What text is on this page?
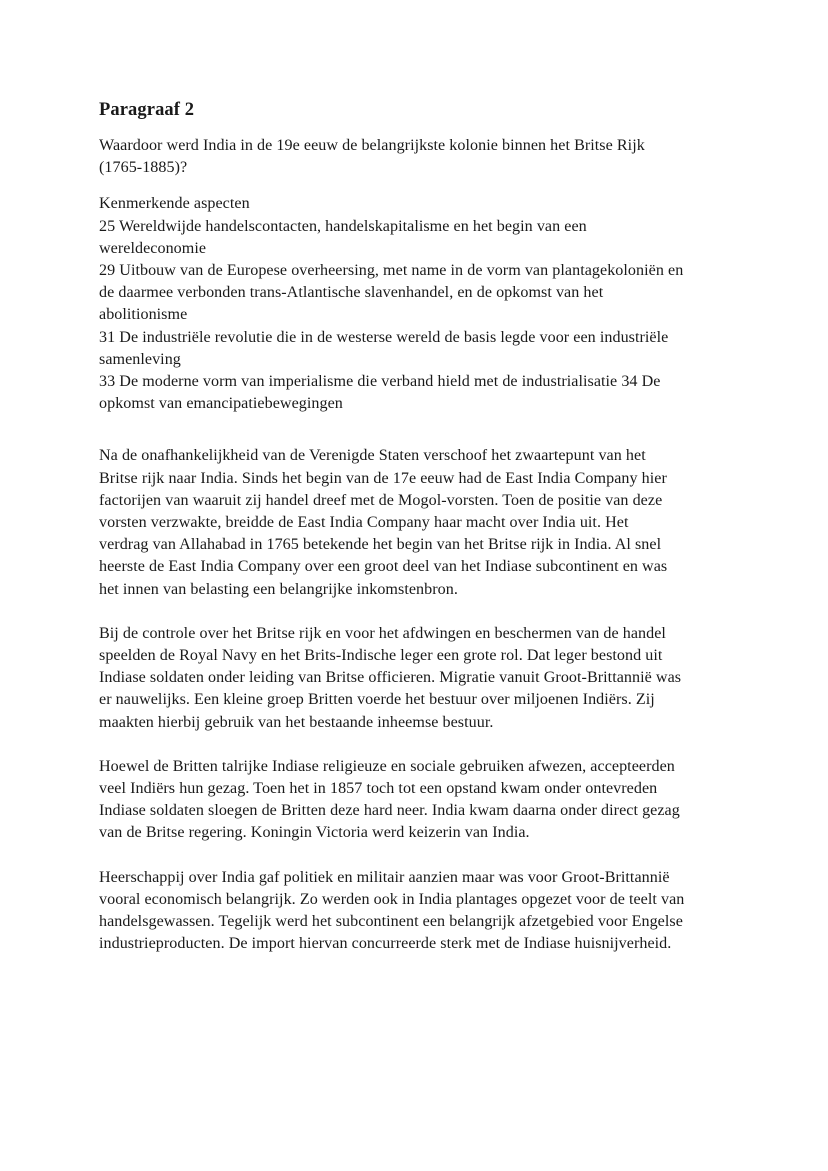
Paragraaf 2

Waardoor werd India in de 19e eeuw de belangrijkste kolonie binnen het Britse Rijk
(1765-1885)?

Kenmerkende aspecten
25 Wereldwijde handelscontacten, handelskapitalisme en het begin van een
wereldeconomie
29 Uitbouw van de Europese overheersing, met name in de vorm van plantagekoloniën en
de daarmee verbonden trans-Atlantische slavenhandel, en de opkomst van het
abolitionisme
31 De industriële revolutie die in de westerse wereld de basis legde voor een industriële
samenleving
33 De moderne vorm van imperialisme die verband hield met de industrialisatie 34 De
opkomst van emancipatiebewegingen

Na de onafhankelijkheid van de Verenigde Staten verschoof het zwaartepunt van het
Britse rijk naar India. Sinds het begin van de 17e eeuw had de East India Company hier
factorijen van waaruit zij handel dreef met de Mogol-vorsten. Toen de positie van deze
vorsten verzwakte, breidde de East India Company haar macht over India uit. Het
verdrag van Allahabad in 1765 betekende het begin van het Britse rijk in India. Al snel
heerste de East India Company over een groot deel van het Indiase subcontinent en was
het innen van belasting een belangrijke inkomstenbron.

Bij de controle over het Britse rijk en voor het afdwingen en beschermen van de handel
speelden de Royal Navy en het Brits-Indische leger een grote rol. Dat leger bestond uit
Indiase soldaten onder leiding van Britse officieren. Migratie vanuit Groot-Brittannië was
er nauwelijks. Een kleine groep Britten voerde het bestuur over miljoenen Indiërs. Zij
maakten hierbij gebruik van het bestaande inheemse bestuur.

Hoewel de Britten talrijke Indiase religieuze en sociale gebruiken afwezen, accepteerden
veel Indiërs hun gezag. Toen het in 1857 toch tot een opstand kwam onder ontevreden
Indiase soldaten sloegen de Britten deze hard neer. India kwam daarna onder direct gezag
van de Britse regering. Koningin Victoria werd keizerin van India.

Heerschappij over India gaf politiek en militair aanzien maar was voor Groot-Brittannië
vooral economisch belangrijk. Zo werden ook in India plantages opgezet voor de teelt van
handelsgewassen. Tegelijk werd het subcontinent een belangrijk afzetgebied voor Engelse
industrieproducten. De import hiervan concurreerde sterk met de Indiase huisnijverheid.
